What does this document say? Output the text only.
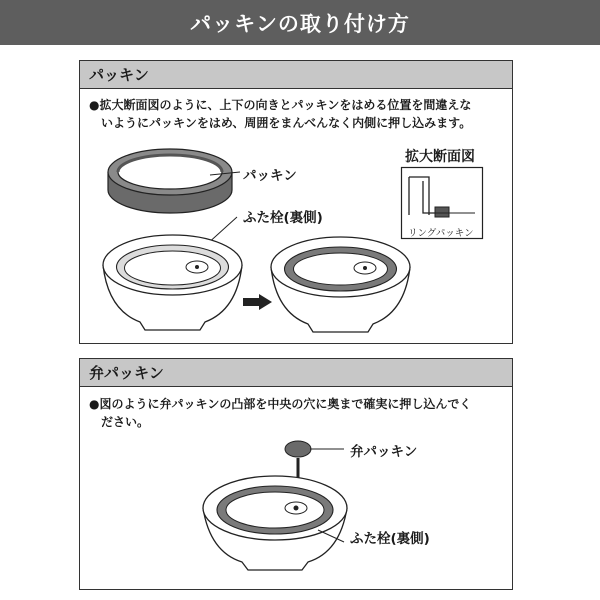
パッキンの取り付け方
パッキン
●拡大断面図のように、上下の向きとパッキンをはめる位置を間違えな
いようにパッキンをはめ、周囲をまんべんなく内側に押し込みます。
パッキン
ふた栓(裏側)
拡大断面図
リングパッキン
弁パッキン
●図のように弁パッキンの凸部を中央の穴に奥まで確実に押し込んでく
ださい。
弁パッキン
ふた栓(裏側)
